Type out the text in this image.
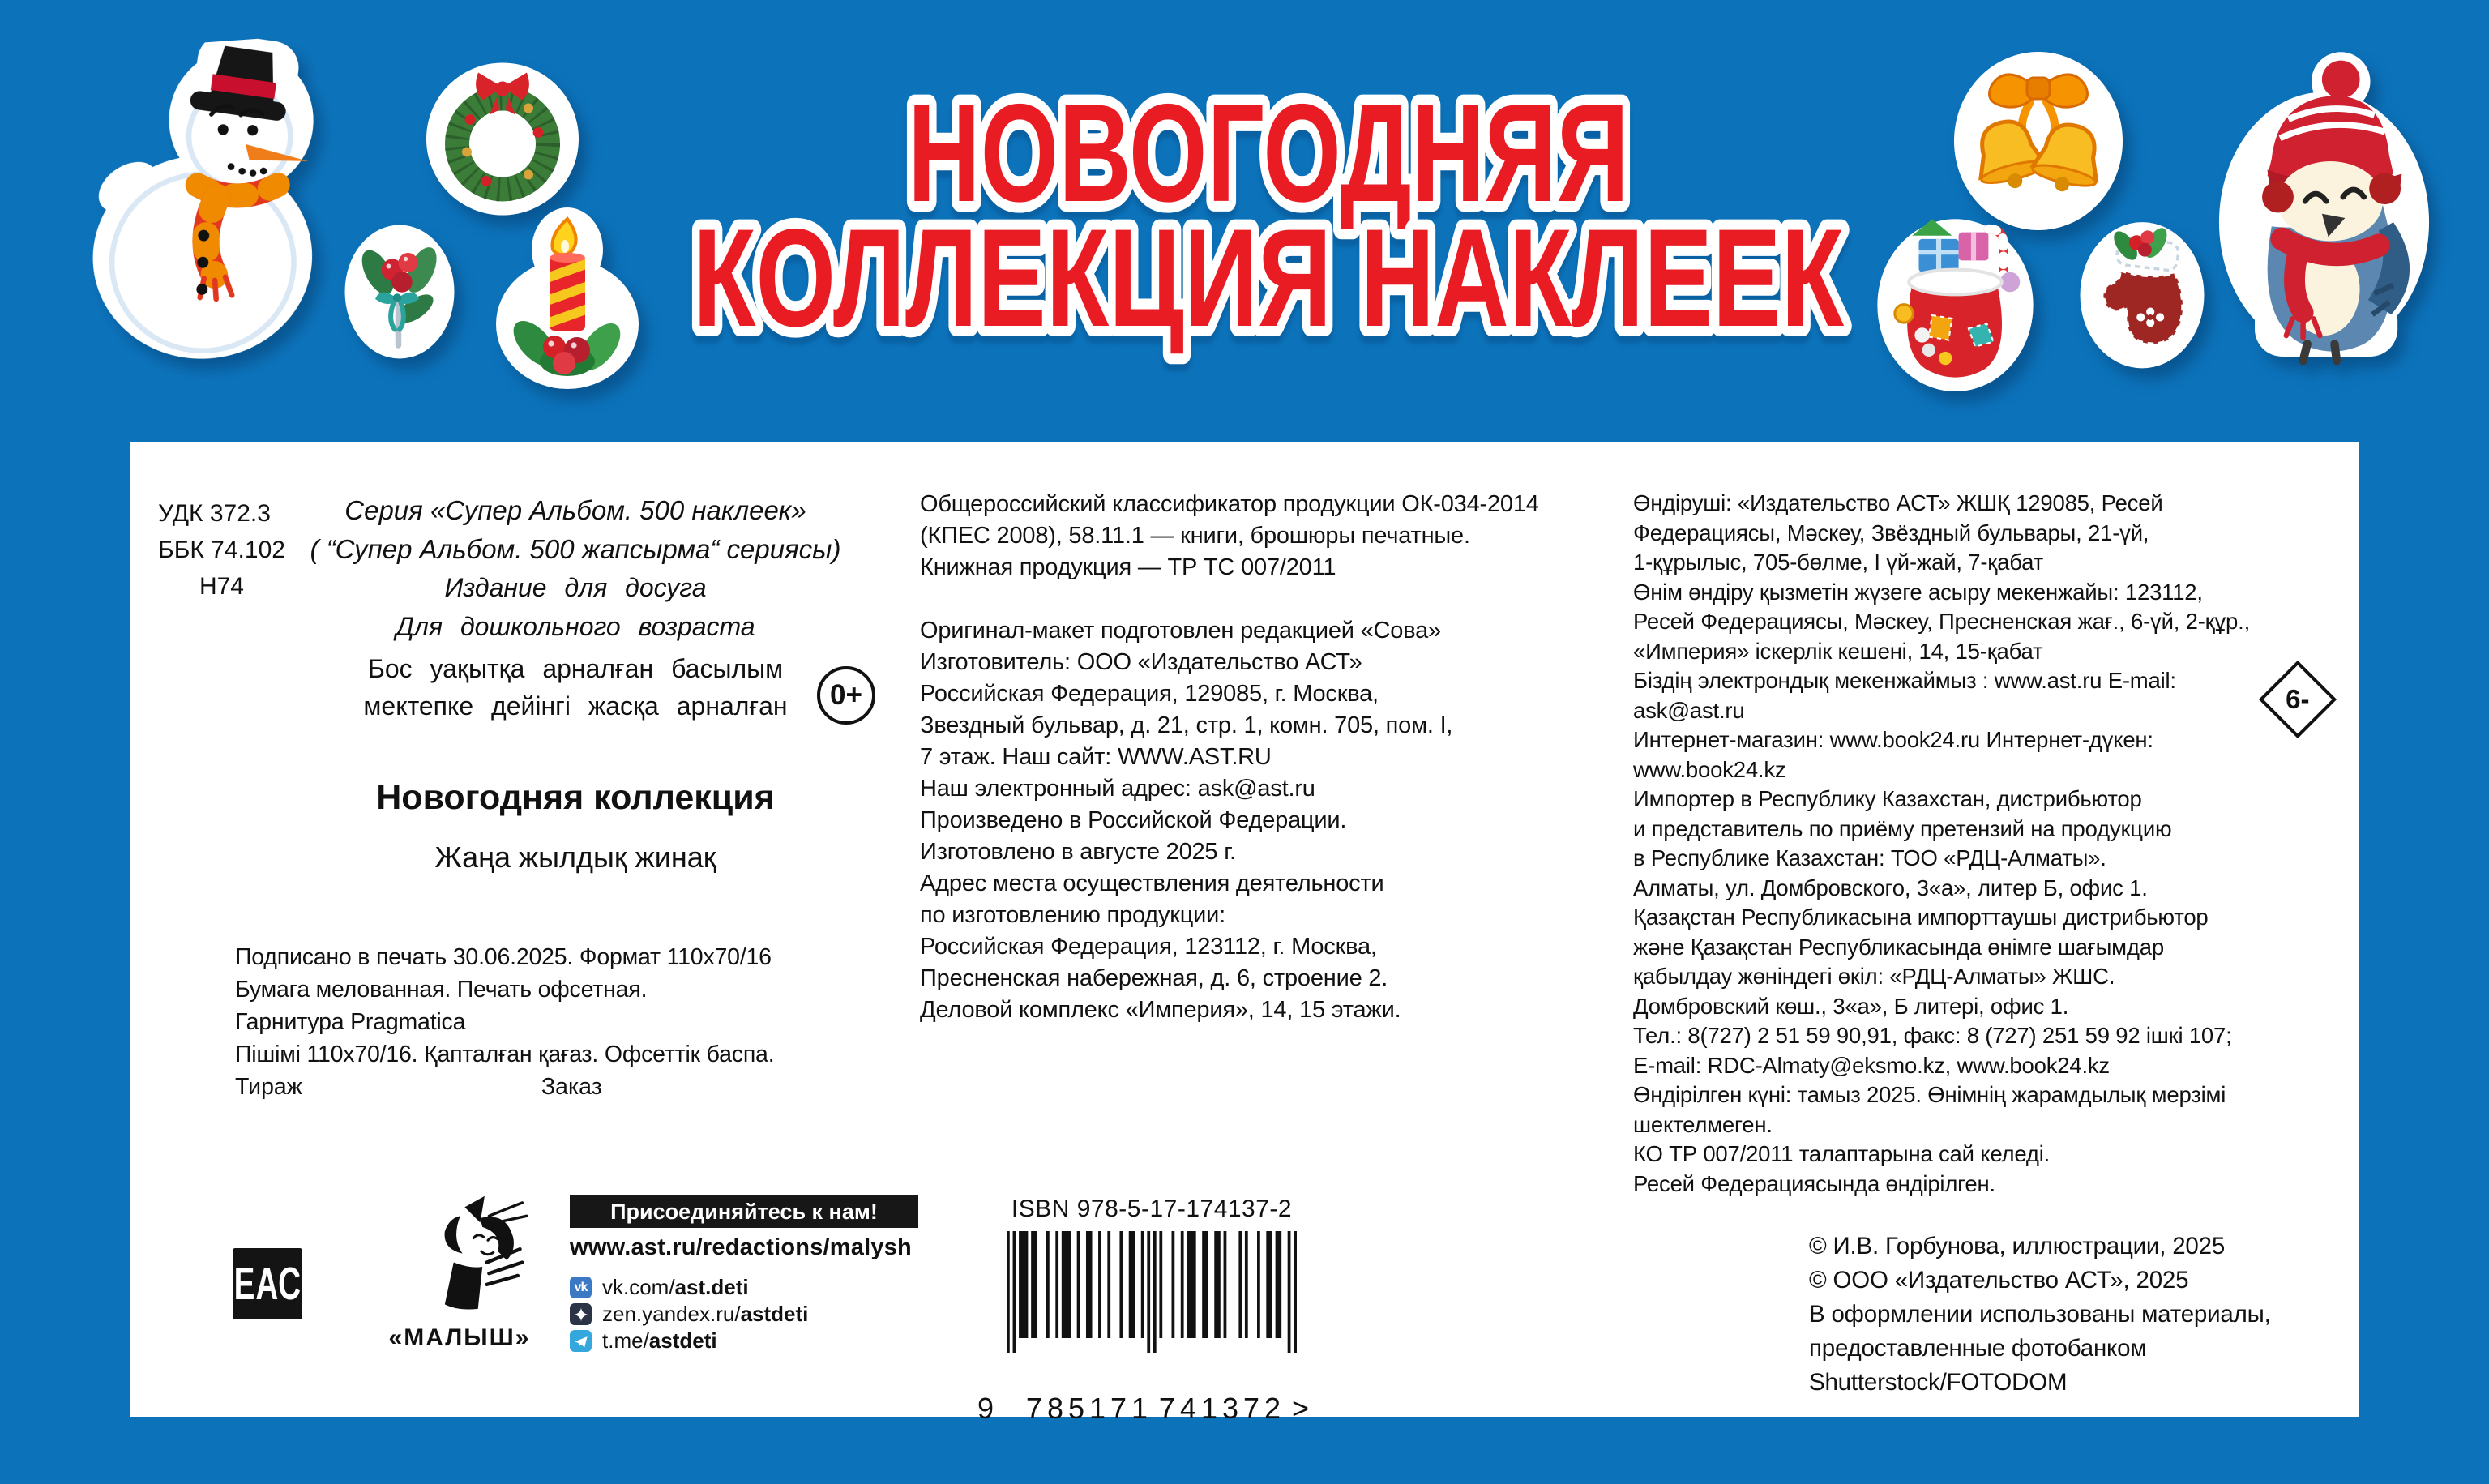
НОВОГОДНЯЯ
КОЛЛЕКЦИЯ НАКЛЕЕК
УДК 372.3
ББК 74.102
Н74
Серия «Супер Альбом. 500 наклеек»
( “Супер Альбом. 500 жапсырма“ сериясы)
Издание для досуга
Для дошкольного возраста
Бос уақытқа арналған басылым
мектепке дейінгі жасқа арналған	0+
Новогодняя коллекция
Жаңа жылдық жинақ
Подписано в печать 30.06.2025. Формат 110х70/16
Бумага мелованная. Печать офсетная.
Гарнитура Pragmatica
Пішімі 110х70/16. Қапталған қағаз. Офсеттік баспа.
Тираж	Заказ
Общероссийский классификатор продукции ОК-034-2014
(КПЕС 2008), 58.11.1 — книги, брошюры печатные.
Книжная продукция — ТР ТС 007/2011

Оригинал-макет подготовлен редакцией «Сова»
Изготовитель: ООО «Издательство АСТ»
Российская Федерация, 129085, г. Москва,
Звездный бульвар, д. 21, стр. 1, комн. 705, пом. I,
7 этаж. Наш сайт: WWW.AST.RU
Наш электронный адрес: ask@ast.ru
Произведено в Российской Федерации.
Изготовлено в августе 2025 г.
Адрес места осуществления деятельности
по изготовлению продукции:
Российская Федерация, 123112, г. Москва,
Пресненская набережная, д. 6, строение 2.
Деловой комплекс «Империя», 14, 15 этажи.
Өндіруші: «Издательство АСТ» ЖШҚ 129085, Ресей
Федерациясы, Мәскеу, Звёздный бульвары, 21-үй,
1-құрылыс, 705-бөлме, І үй-жай, 7-қабат
Өнім өндіру қызметін жүзеге асыру мекенжайы: 123112,
Ресей Федерациясы, Мәскеу, Пресненская жағ., 6-үй, 2-құр.,
«Империя» іскерлік кешені, 14, 15-қабат
Біздің электрондық мекенжаймыз : www.ast.ru E-mail:
ask@ast.ru
Интернет-магазин: www.book24.ru Интернет-дүкен:
www.book24.kz
Импортер в Республику Казахстан, дистрибьютор
и представитель по приёму претензий на продукцию
в Республике Казахстан: ТОО «РДЦ-Алматы».
Алматы, ул. Домбровского, 3«а», литер Б, офис 1.
Қазақстан Республикасына импорттаушы дистрибьютор
және Қазақстан Республикасында өнімге шағымдар
қабылдау жөніндегі өкіл: «РДЦ-Алматы» ЖШС.
Домбровский көш., 3«а», Б литері, офис 1.
Тел.: 8(727) 2 51 59 90,91, факс: 8 (727) 251 59 92 ішкі 107;
E-mail: RDC-Almaty@eksmo.kz, www.book24.kz
Өндірілген күні: тамыз 2025. Өнімнің жарамдылық мерзімі
шектелмеген.
КО ТР 007/2011 талаптарына сай келеді.
Ресей Федерациясында өндірілген.
6-
ЕАС
«МАЛЫШ»
Присоединяйтесь к нам!
www.ast.ru/redactions/malysh
vk vk.com/ast.deti
zen.yandex.ru/astdeti
t.me/astdeti
ISBN 978-5-17-174137-2
9 785171 741372 >
© И.В. Горбунова, иллюстрации, 2025
© ООО «Издательство АСТ», 2025
В оформлении использованы материалы,
предоставленные фотобанком
Shutterstock/FOTODOM
